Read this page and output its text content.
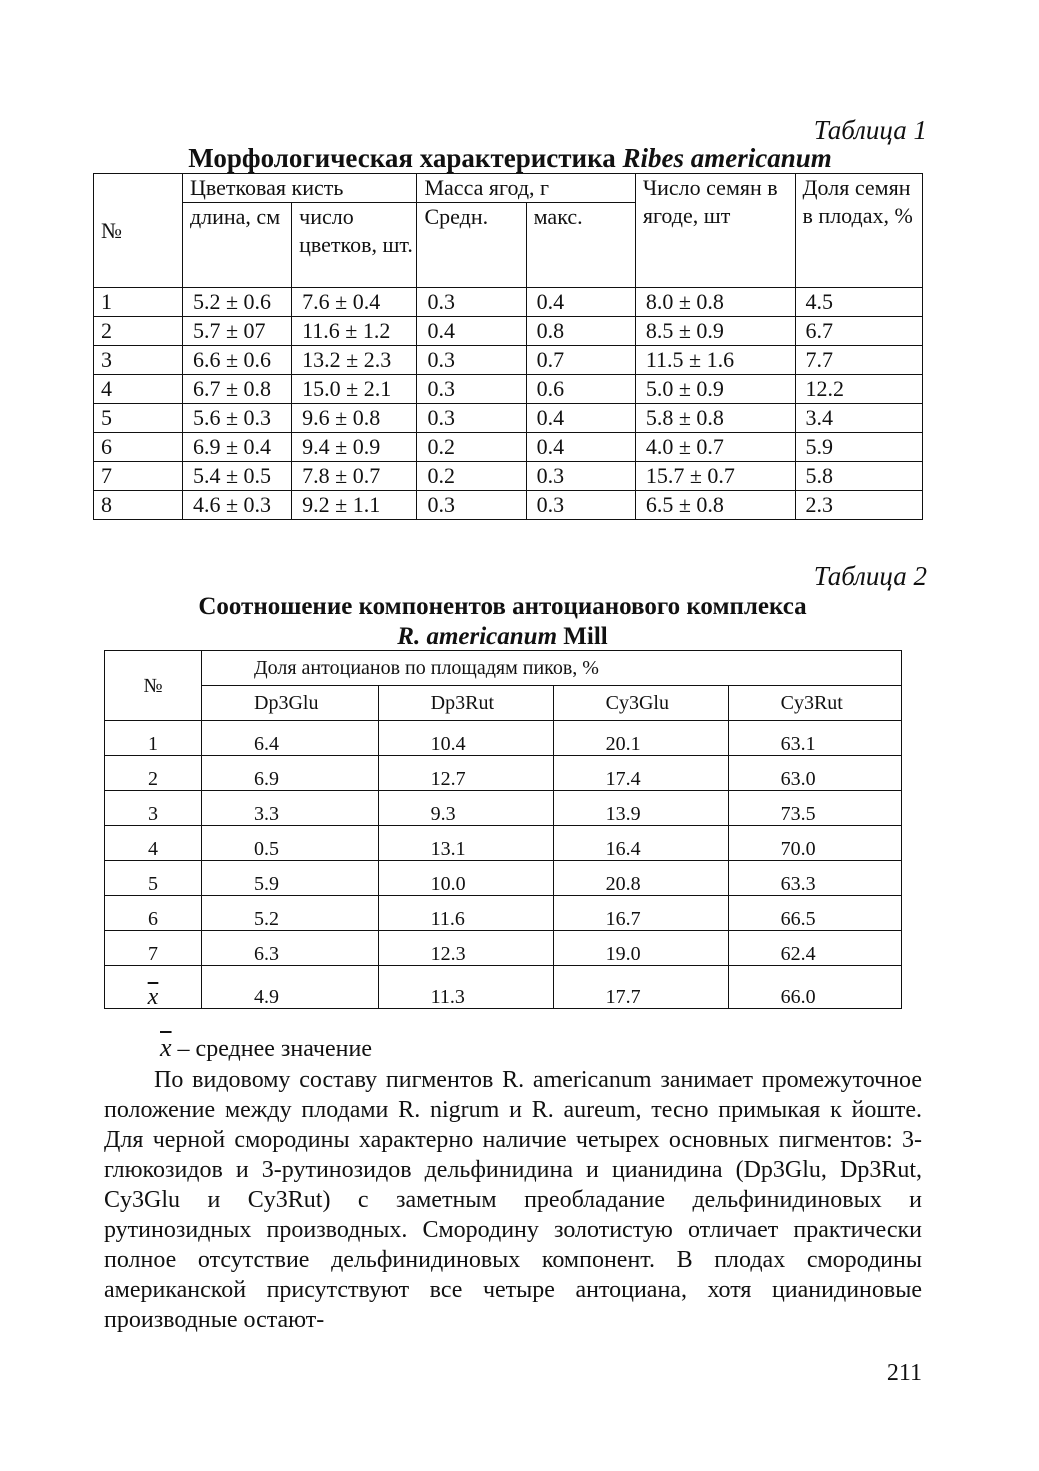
Таблица 1
Морфологическая характеристика Ribes americanum
№	Цветковая кисть		Масса ягод, г		Число семян в ягоде, шт	Доля семян в плодах, %
	длина, см	число цветков, шт.	Средн.	макс.		
1	5.2 ± 0.6	7.6 ± 0.4	0.3	0.4	8.0 ± 0.8	4.5
2	5.7 ± 07	11.6 ± 1.2	0.4	0.8	8.5 ± 0.9	6.7
3	6.6 ± 0.6	13.2 ± 2.3	0.3	0.7	11.5 ± 1.6	7.7
4	6.7 ± 0.8	15.0 ± 2.1	0.3	0.6	5.0 ± 0.9	12.2
5	5.6 ± 0.3	9.6 ± 0.8	0.3	0.4	5.8 ± 0.8	3.4
6	6.9 ± 0.4	9.4 ± 0.9	0.2	0.4	4.0 ± 0.7	5.9
7	5.4 ± 0.5	7.8 ± 0.7	0.2	0.3	15.7 ± 0.7	5.8
8	4.6 ± 0.3	9.2 ± 1.1	0.3	0.3	6.5 ± 0.8	2.3
Таблица 2
Соотношение компонентов антоцианового комплекса
R. americanum Mill
№	Доля антоцианов по площадям пиков, %			
	Dp3Glu	Dp3Rut	Cy3Glu	Cy3Rut
1	6.4	10.4	20.1	63.1
2	6.9	12.7	17.4	63.0
3	3.3	9.3	13.9	73.5
4	0.5	13.1	16.4	70.0
5	5.9	10.0	20.8	63.3
6	5.2	11.6	16.7	66.5
7	6.3	12.3	19.0	62.4
$\overline{x}$	4.9	11.3	17.7	66.0
$\overline{x}$ – среднее значение
По видовому составу пигментов R. americanum занимает промежуточное положение между плодами R. nigrum и R. aureum, тесно примыкая к йоште. Для черной смородины характерно наличие четырех основных пигментов: 3-глюкозидов и 3-рутинозидов дельфинидина и цианидина (Dp3Glu, Dp3Rut, Cy3Glu и Cy3Rut) с заметным преобладание дельфинидиновых и рутинозидных производных. Смородину золотистую отличает практически полное отсутствие дельфинидиновых компонент. В плодах смородины американской присутствуют все четыре антоциана, хотя цианидиновые производные остают-
211
